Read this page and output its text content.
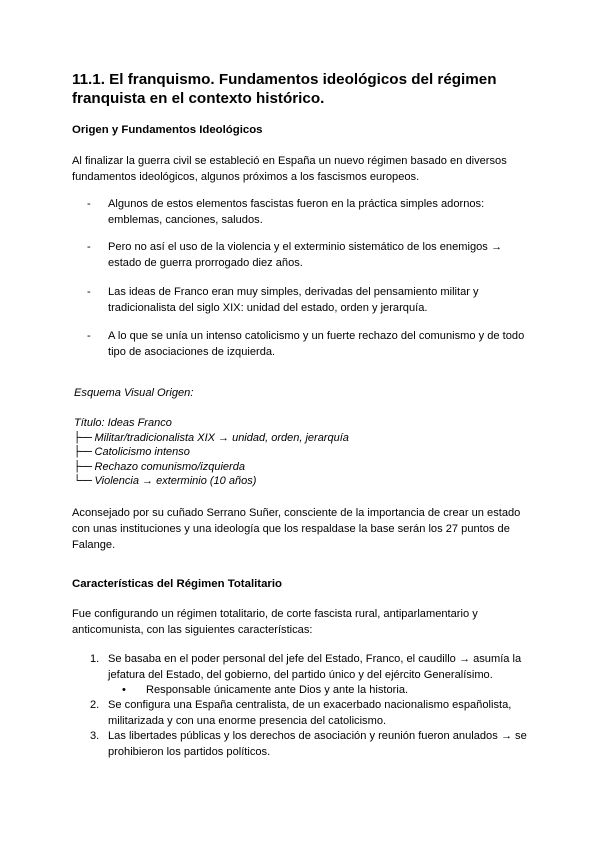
11.1. El franquismo. Fundamentos ideológicos del régimen franquista en el contexto histórico.
Origen y Fundamentos Ideológicos
Al finalizar la guerra civil se estableció en España un nuevo régimen basado en diversos fundamentos ideológicos, algunos próximos a los fascismos europeos.
- Algunos de estos elementos fascistas fueron en la práctica simples adornos: emblemas, canciones, saludos.
- Pero no así el uso de la violencia y el exterminio sistemático de los enemigos → estado de guerra prorrogado diez años.
- Las ideas de Franco eran muy simples, derivadas del pensamiento militar y tradicionalista del siglo XIX: unidad del estado, orden y jerarquía.
- A lo que se unía un intenso catolicismo y un fuerte rechazo del comunismo y de todo tipo de asociaciones de izquierda.
Esquema Visual Origen:
Título: Ideas Franco
├── Militar/tradicionalista XIX → unidad, orden, jerarquía
├── Catolicismo intenso
├── Rechazo comunismo/izquierda
└── Violencia → exterminio (10 años)
Aconsejado por su cuñado Serrano Suñer, consciente de la importancia de crear un estado con unas instituciones y una ideología que los respaldase la base serán los 27 puntos de Falange.
Características del Régimen Totalitario
Fue configurando un régimen totalitario, de corte fascista rural, antiparlamentario y anticomunista, con las siguientes características:
1. Se basaba en el poder personal del jefe del Estado, Franco, el caudillo → asumía la jefatura del Estado, del gobierno, del partido único y del ejército Generalísimo.
• Responsable únicamente ante Dios y ante la historia.
2. Se configura una España centralista, de un exacerbado nacionalismo españolista, militarizada y con una enorme presencia del catolicismo.
3. Las libertades públicas y los derechos de asociación y reunión fueron anulados → se prohibieron los partidos políticos.
